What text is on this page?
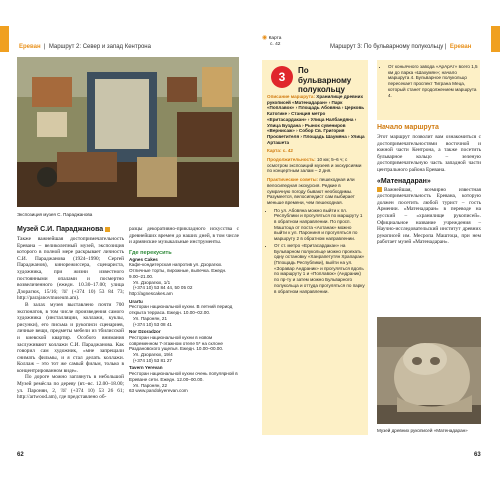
Ереван  |  Маршрут 2: Север и запад Кентрона
Экспозиция музея С. Параджанова
Музей С.И. Параджанова
Также важнейшая достопримечательность Еревана – великолепный музей, экспозиция которого в полной мере раскрывает личность С.И. Параджанова (1924–1990; Сергей Параджанов), кинорежиссера, сценариста, художника, при жизни известного постоянными опалами и посмертно возвеличенного (ежедн. 10.30–17.00; улица Дзорагюх, 15/16; ☏ (+374 10) 53 84 73; http://parajanovmuseum.am).
В залах музея выставлено почти 700 экспонатов, в том числе произведения самого художника (инсталляции, коллажи, куклы, рисунки), его письма и рукописи сценариев, личные вещи, предметы мебели из тбилисской и киевской квартир. Особого внимания заслуживают коллажи С.И. Параджанова. Как говорил сам художник, «мне запрещали снимать фильмы, и я стал делать коллажи. Коллаж – это тот же самый фильм, только в концентрированном виде».
По дороге можно заглянуть в небольшой Музей ремёсла по дереву (вт.–вс. 12.00–18.00; ул. Паронян, 2, ☏ (+374 10) 53 26 61; http://artwood.am), где представлено об-
разцы декоративно-прикладного искусства с древнейших времен до наших дней, в том числе и армянские музыкальные инструменты.
Где перекусить
Agnes Cakes
Кафе-кондитерская напротив ул. Дзорагюх. Отличные торты, пирожные, выпечка. Ежедн. 9.00–21.00.
Ул. Дзорагюх, 1/1
(+374 10) 53 84 44, 50 05 02
http://agnescakes.am
Urartu
Ресторан национальной кухни. В летний период открыта терраса. Ежедн. 10.00–02.00.
Ул. Паронян, 21
(+374 10) 53 08 41
Nor Dzoradzor
Ресторан национальной кухни в новом современном 7-этажном отеле 5* на склоне Раздановского ущелья. Ежедн. 10.00–00.00.
Ул. Дзорагюх, 19/4
(+374 10) 53 81 27
Tavern Yerevan
Ресторан национальной кухни очень популярной в Ереване сети. Ежедн. 12.00–00.00.
Ул. Паронян, 22
63 www.pandokyerevan.com
62
◉ Карта
с. 42	Маршрут 3: По бульварному полукольцу |  Ереван
3	По бульварному полукольцу
Описание маршрута: Хранилище древних рукописей «Матенадаран» › Парк «Поплавок» › Площадь Абовяна › Церковь Катогике › Станция метро «Еритасардакан» › Улица Налбандяна › Улица Буздана › Рынок сувениров «Вернисаж» › Собор Св. Григория Просветителя › Площадь Шаумяна › Улица Арташета
Карта: с. 42
Продолжительность: 10 км; 5–6 ч; с осмотром экспозиций музеев и экскурсиями по концертным залам – 2 дня.
Практические советы: пешеходная или велосипедная экскурсия. Редкие в сумрачную погоду бывают необходимы. Разумеется, велосипедист сам выбирает меньше времени, чем пешеходная.
• По ул. Абовяна можно выйти к пл. Республики и прогуляться по маршруту 1 в обратном направлении. По просп. Маштоца от поста «Ахтанак» можно выйти к ул. Парониня и прогуляться по маршруту 2 в обратном направлении.
• От ст. метро «Еритасардакан» на Бульварном полукольце можно проехать одну остановку «Ханрапетутян Храпарак» (Площадь Республики), выйти на ул. «Зоравар Андраник» и прогуляться вдоль по маршруту 1 и «Поплавок» (Андраник) по пр-ту и затем можно Бульварного полукольца и оттуда прогуляться по парку в обратном направлении.
• От коньячного завода «АрАрАт» всего 1,5 км до парка «Шахумян»; начало маршрута 4. Бульварное полукольцо пересекает проспект Тиграна Меца, который станет продолжением маршрута 4.
Начало маршрута
Этот маршрут позволит вам ознакомиться с достопримечательностями восточной и южной части Кентрона, а также посетить бульварное кольцо – зеленую достопримечательную часть западной части центрального района Еревана.
«Матенадаран»
Важнейшая, всемирно известная достопримечательность Еревана, которую должен посетить любой турист – гость Армении. «Матенадаран» в переводе на русский – «хранилище рукописей». Официальное название учреждения – Научно-исследовательский институт древних рукописей им. Месропа Маштоца, при нем работает музей «Матенадаран».
Музей древних рукописей «Матенадаран»
63
